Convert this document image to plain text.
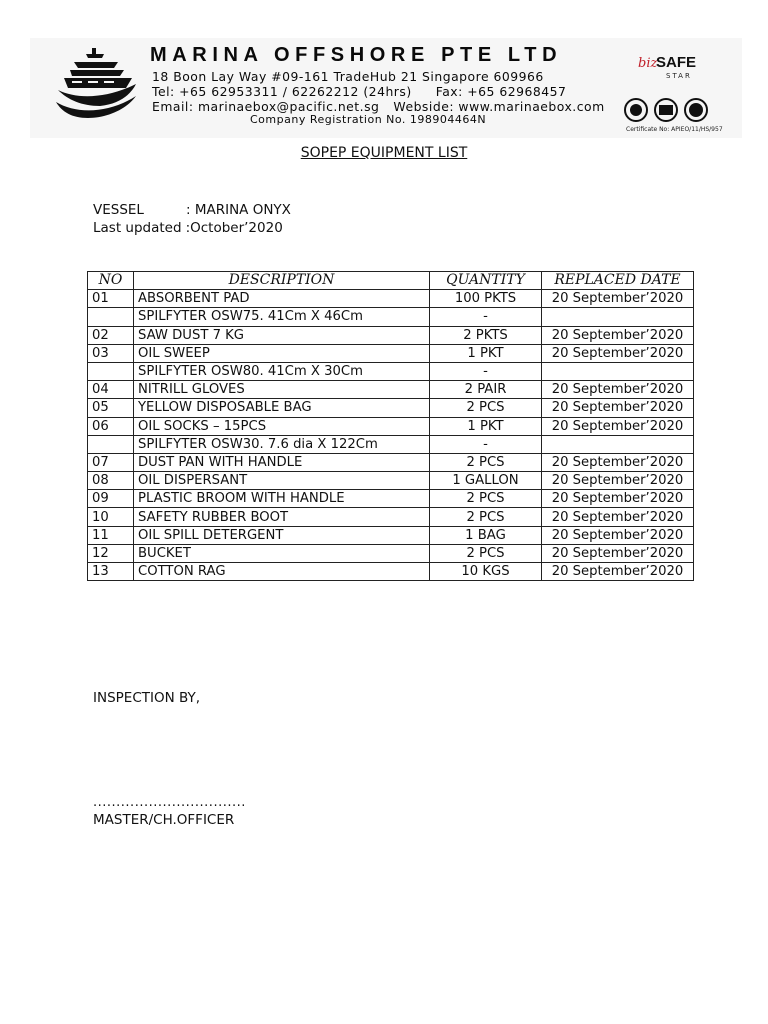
MARINA OFFSHORE PTE LTD
18 Boon Lay Way #09-161 TradeHub 21 Singapore 609966
Tel: +65 62953311 / 62262212 (24hrs) Fax: +65 62968457
Email: marinaebox@pacific.net.sg Webside: www.marinaebox.com
Company Registration No. 198904464N
biz
SAFE
STAR
Certificate No: APIEO/11/HS/957
SOPEP EQUIPMENT LIST
VESSEL	: MARINA ONYX
Last updated :October’2020
NO	DESCRIPTION	QUANTITY	REPLACED DATE
01	ABSORBENT PAD	100 PKTS	20 September’2020
	SPILFYTER OSW75. 41Cm X 46Cm	-	
02	SAW DUST 7 KG	2 PKTS	20 September’2020
03	OIL SWEEP	1 PKT	20 September’2020
	SPILFYTER OSW80. 41Cm X 30Cm	-	
04	NITRILL GLOVES	2 PAIR	20 September’2020
05	YELLOW DISPOSABLE BAG	2 PCS	20 September’2020
06	OIL SOCKS – 15PCS	1 PKT	20 September’2020
	SPILFYTER OSW30. 7.6 dia X 122Cm	-	
07	DUST PAN WITH HANDLE	2 PCS	20 September’2020
08	OIL DISPERSANT	1 GALLON	20 September’2020
09	PLASTIC BROOM WITH HANDLE	2 PCS	20 September’2020
10	SAFETY RUBBER BOOT	2 PCS	20 September’2020
11	OIL SPILL DETERGENT	1 BAG	20 September’2020
12	BUCKET	2 PCS	20 September’2020
13	COTTON RAG	10 KGS	20 September’2020
INSPECTION BY,
.................................
MASTER/CH.OFFICER
